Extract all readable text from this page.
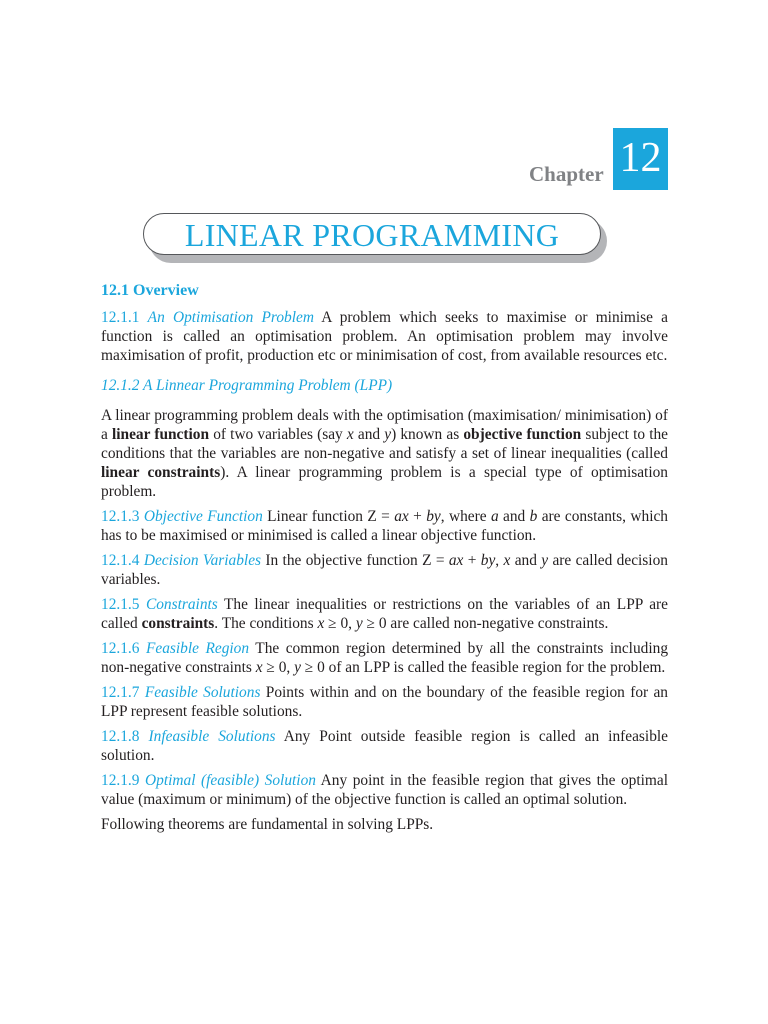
Chapter 12
LINEAR PROGRAMMING

12.1 Overview

12.1.1 An Optimisation Problem A problem which seeks to maximise or minimise a function is called an optimisation problem. An optimisation problem may involve maximisation of profit, production etc or minimisation of cost, from available resources etc.

12.1.2 A Linnear Programming Problem (LPP)

A linear programming problem deals with the optimisation (maximisation/ minimisation) of a linear function of two variables (say x and y) known as objective function subject to the conditions that the variables are non-negative and satisfy a set of linear inequalities (called linear constraints). A linear programming problem is a special type of optimisation problem.

12.1.3 Objective Function Linear function Z = ax + by, where a and b are constants, which has to be maximised or minimised is called a linear objective function.

12.1.4 Decision Variables In the objective function Z = ax + by, x and y are called decision variables.

12.1.5 Constraints The linear inequalities or restrictions on the variables of an LPP are called constraints. The conditions x ≥ 0, y ≥ 0 are called non-negative constraints.

12.1.6 Feasible Region The common region determined by all the constraints including non-negative constraints x ≥ 0, y ≥ 0 of an LPP is called the feasible region for the problem.

12.1.7 Feasible Solutions Points within and on the boundary of the feasible region for an LPP represent feasible solutions.

12.1.8 Infeasible Solutions Any Point outside feasible region is called an infeasible solution.

12.1.9 Optimal (feasible) Solution Any point in the feasible region that gives the optimal value (maximum or minimum) of the objective function is called an optimal solution.

Following theorems are fundamental in solving LPPs.
